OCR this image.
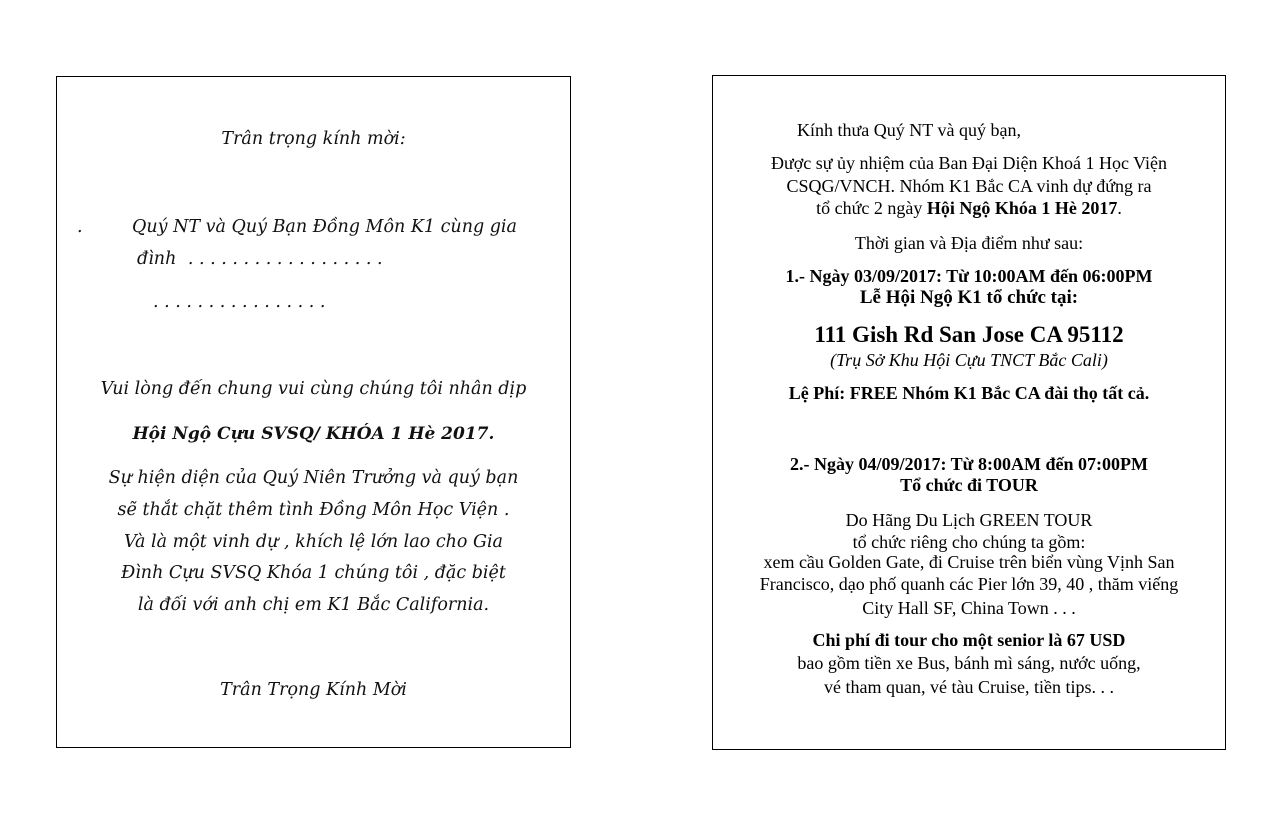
Trân trọng kính mời:
.	Quý NT và Quý Bạn Đồng Môn K1 cùng gia
đình . . . . . . . . . . . . . . . . . .
. . . . . . . . . . . . . . . .
Vui lòng đến chung vui cùng chúng tôi nhân dịp
Hội Ngộ Cựu SVSQ/ KHÓA 1 Hè 2017.
Sự hiện diện của Quý Niên Trưởng và quý bạn
sẽ thắt chặt thêm tình Đồng Môn Học Viện .
Và là một vinh dự , khích lệ lớn lao cho Gia
Đình Cựu SVSQ Khóa 1 chúng tôi , đặc biệt
là đối với anh chị em K1 Bắc California.
Trân Trọng Kính Mời
Kính thưa Quý NT và quý bạn,
Được sự ủy nhiệm của Ban Đại Diện Khoá 1 Học Viện
CSQG/VNCH. Nhóm K1 Bắc CA vinh dự đứng ra
tổ chức 2 ngày Hội Ngộ Khóa 1 Hè 2017.
Thời gian và Địa điểm như sau:
1.- Ngày 03/09/2017: Từ 10:00AM đến 06:00PM
Lễ Hội Ngộ K1 tổ chức tại:
111 Gish Rd San Jose CA 95112
(Trụ Sở Khu Hội Cựu TNCT Bắc Cali)
Lệ Phí: FREE Nhóm K1 Bắc CA đài thọ tất cả.
2.- Ngày 04/09/2017: Từ 8:00AM đến 07:00PM
Tổ chức đi TOUR
Do Hãng Du Lịch GREEN TOUR
tổ chức riêng cho chúng ta gồm:
xem cầu Golden Gate, đi Cruise trên biển vùng Vịnh San
Francisco, dạo phố quanh các Pier lớn 39, 40 , thăm viếng
City Hall SF, China Town . . .
Chi phí đi tour cho một senior là 67 USD
bao gồm tiền xe Bus, bánh mì sáng, nước uống,
vé tham quan, vé tàu Cruise, tiền tips. . .
